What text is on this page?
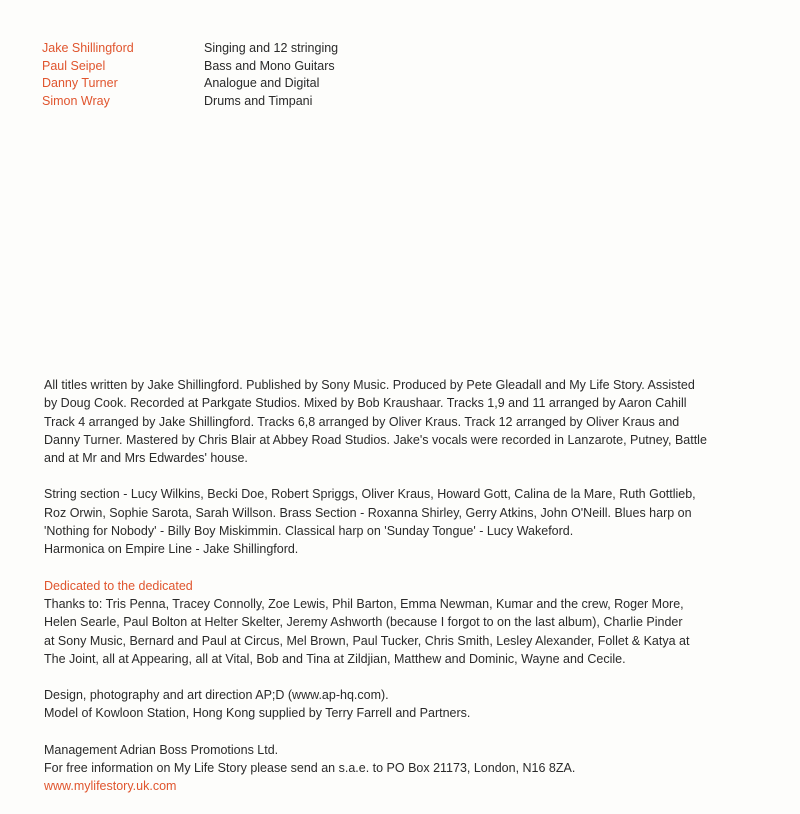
Jake Shillingford	Singing and 12 stringing
Paul Seipel	Bass and Mono Guitars
Danny Turner	Analogue and Digital
Simon Wray	Drums and Timpani
All titles written by Jake Shillingford. Published by Sony Music. Produced by Pete Gleadall and My Life Story. Assisted
by Doug Cook. Recorded at Parkgate Studios. Mixed by Bob Kraushaar. Tracks 1,9 and 11 arranged by Aaron Cahill
Track 4 arranged by Jake Shillingford. Tracks 6,8 arranged by Oliver Kraus. Track 12 arranged by Oliver Kraus and
Danny Turner. Mastered by Chris Blair at Abbey Road Studios. Jake's vocals were recorded in Lanzarote, Putney, Battle
and at Mr and Mrs Edwardes' house.
String section - Lucy Wilkins, Becki Doe, Robert Spriggs, Oliver Kraus, Howard Gott, Calina de la Mare, Ruth Gottlieb,
Roz Orwin, Sophie Sarota, Sarah Willson. Brass Section - Roxanna Shirley, Gerry Atkins, John O'Neill. Blues harp on
'Nothing for Nobody' - Billy Boy Miskimmin. Classical harp on 'Sunday Tongue' - Lucy Wakeford.
Harmonica on Empire Line - Jake Shillingford.
Dedicated to the dedicated
Thanks to: Tris Penna, Tracey Connolly, Zoe Lewis, Phil Barton, Emma Newman, Kumar and the crew, Roger More,
Helen Searle, Paul Bolton at Helter Skelter, Jeremy Ashworth (because I forgot to on the last album), Charlie Pinder
at Sony Music, Bernard and Paul at Circus, Mel Brown, Paul Tucker, Chris Smith, Lesley Alexander, Follet & Katya at
The Joint, all at Appearing, all at Vital, Bob and Tina at Zildjian, Matthew and Dominic, Wayne and Cecile.
Design, photography and art direction AP;D (www.ap-hq.com).
Model of Kowloon Station, Hong Kong supplied by Terry Farrell and Partners.
Management Adrian Boss Promotions Ltd.
For free information on My Life Story please send an s.a.e. to PO Box 21173, London, N16 8ZA.
www.mylifestory.uk.com
